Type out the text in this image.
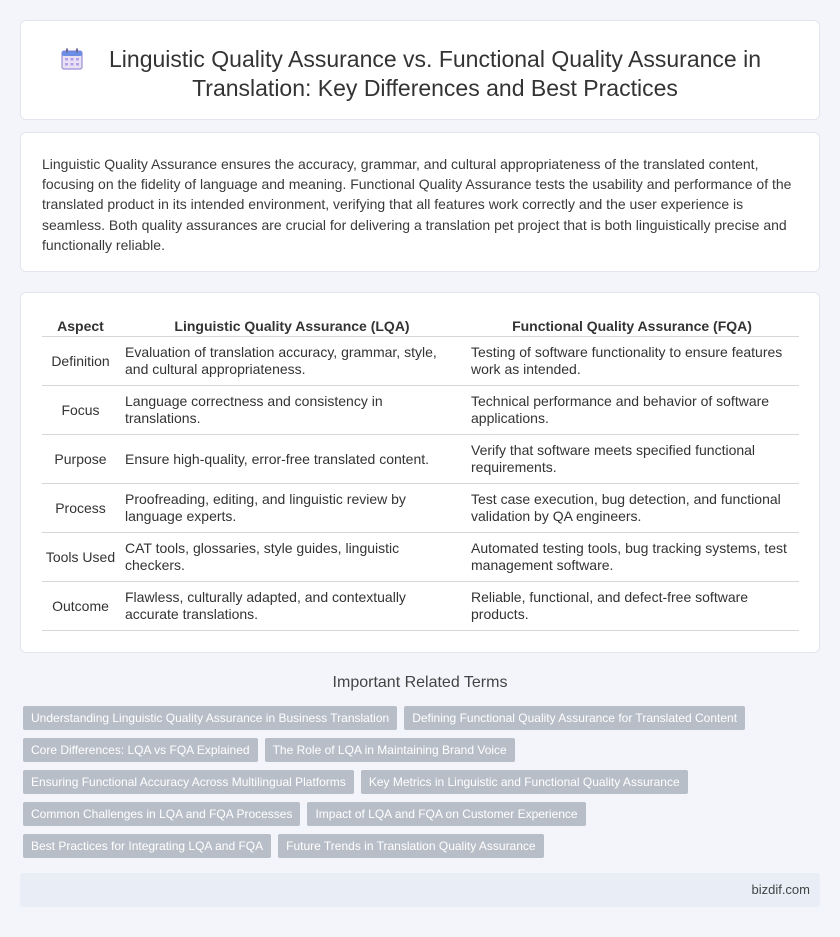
Linguistic Quality Assurance vs. Functional Quality Assurance in
Translation: Key Differences and Best Practices

Linguistic Quality Assurance ensures the accuracy, grammar, and cultural appropriateness of the translated content, focusing on the fidelity of language and meaning. Functional Quality Assurance tests the usability and performance of the translated product in its intended environment, verifying that all features work correctly and the user experience is seamless. Both quality assurances are crucial for delivering a translation pet project that is both linguistically precise and functionally reliable.

Aspect	Linguistic Quality Assurance (LQA)	Functional Quality Assurance (FQA)
Definition	Evaluation of translation accuracy, grammar, style, and cultural appropriateness.	Testing of software functionality to ensure features work as intended.
Focus	Language correctness and consistency in translations.	Technical performance and behavior of software applications.
Purpose	Ensure high-quality, error-free translated content.	Verify that software meets specified functional requirements.
Process	Proofreading, editing, and linguistic review by language experts.	Test case execution, bug detection, and functional validation by QA engineers.
Tools Used	CAT tools, glossaries, style guides, linguistic checkers.	Automated testing tools, bug tracking systems, test management software.
Outcome	Flawless, culturally adapted, and contextually accurate translations.	Reliable, functional, and defect-free software products.
Important Related Terms
Understanding Linguistic Quality Assurance in Business Translation	Defining Functional Quality Assurance for Translated Content
Core Differences: LQA vs FQA Explained	The Role of LQA in Maintaining Brand Voice
Ensuring Functional Accuracy Across Multilingual Platforms	Key Metrics in Linguistic and Functional Quality Assurance
Common Challenges in LQA and FQA Processes	Impact of LQA and FQA on Customer Experience
Best Practices for Integrating LQA and FQA	Future Trends in Translation Quality Assurance
bizdif.com
